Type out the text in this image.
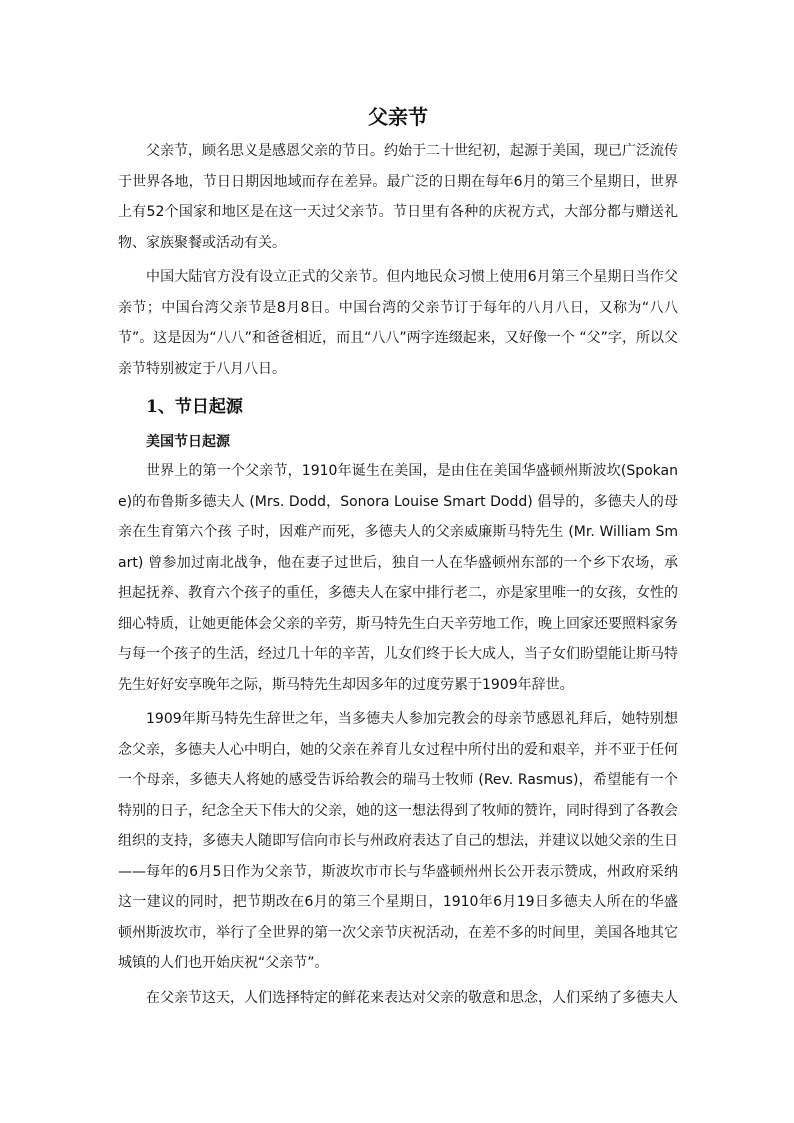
父亲节

父亲节，顾名思义是感恩父亲的节日。约始于二十世纪初，起源于美国，现已广泛流传于世界各地，节日日期因地域而存在差异。最广泛的日期在每年6月的第三个星期日，世界上有52个国家和地区是在这一天过父亲节。节日里有各种的庆祝方式，大部分都与赠送礼物、家族聚餐或活动有关。

中国大陆官方没有设立正式的父亲节。但内地民众习惯上使用6月第三个星期日当作父亲节；中国台湾父亲节是8月8日。中国台湾的父亲节订于每年的八月八日，又称为“八八节”。这是因为“八八”和爸爸相近，而且“八八”两字连缀起来，又好像一个 “父”字，所以父亲节特别被定于八月八日。

1、节日起源
美国节日起源

世界上的第一个父亲节，1910年诞生在美国，是由住在美国华盛顿州斯波坎(Spokane)的布鲁斯多德夫人 (Mrs. Dodd，Sonora Louise Smart Dodd) 倡导的，多德夫人的母亲在生育第六个孩 子时，因难产而死，多德夫人的父亲威廉斯马特先生 (Mr. William Smart) 曾参加过南北战争，他在妻子过世后，独自一人在华盛顿州东部的一个乡下农场，承担起抚养、教育六个孩子的重任，多德夫人在家中排行老二，亦是家里唯一的女孩，女性的细心特质，让她更能体会父亲的辛劳，斯马特先生白天辛劳地工作，晚上回家还要照料家务与每一个孩子的生活，经过几十年的辛苦，儿女们终于长大成人，当子女们盼望能让斯马特先生好好安享晚年之际，斯马特先生却因多年的过度劳累于1909年辞世。

1909年斯马特先生辞世之年，当多德夫人参加完教会的母亲节感恩礼拜后，她特别想念父亲，多德夫人心中明白，她的父亲在养育儿女过程中所付出的爱和艰辛，并不亚于任何一个母亲，多德夫人将她的感受告诉给教会的瑞马士牧师 (Rev. Rasmus)，希望能有一个特别的日子，纪念全天下伟大的父亲，她的这一想法得到了牧师的赞许，同时得到了各教会组织的支持，多德夫人随即写信向市长与州政府表达了自己的想法，并建议以她父亲的生日——每年的6月5日作为父亲节，斯波坎市市长与华盛顿州州长公开表示赞成，州政府采纳这一建议的同时，把节期改在6月的第三个星期日，1910年6月19日多德夫人所在的华盛顿州斯波坎市，举行了全世界的第一次父亲节庆祝活动，在差不多的时间里，美国各地其它城镇的人们也开始庆祝“父亲节”。

在父亲节这天，人们选择特定的鲜花来表达对父亲的敬意和思念，人们采纳了多德夫人
